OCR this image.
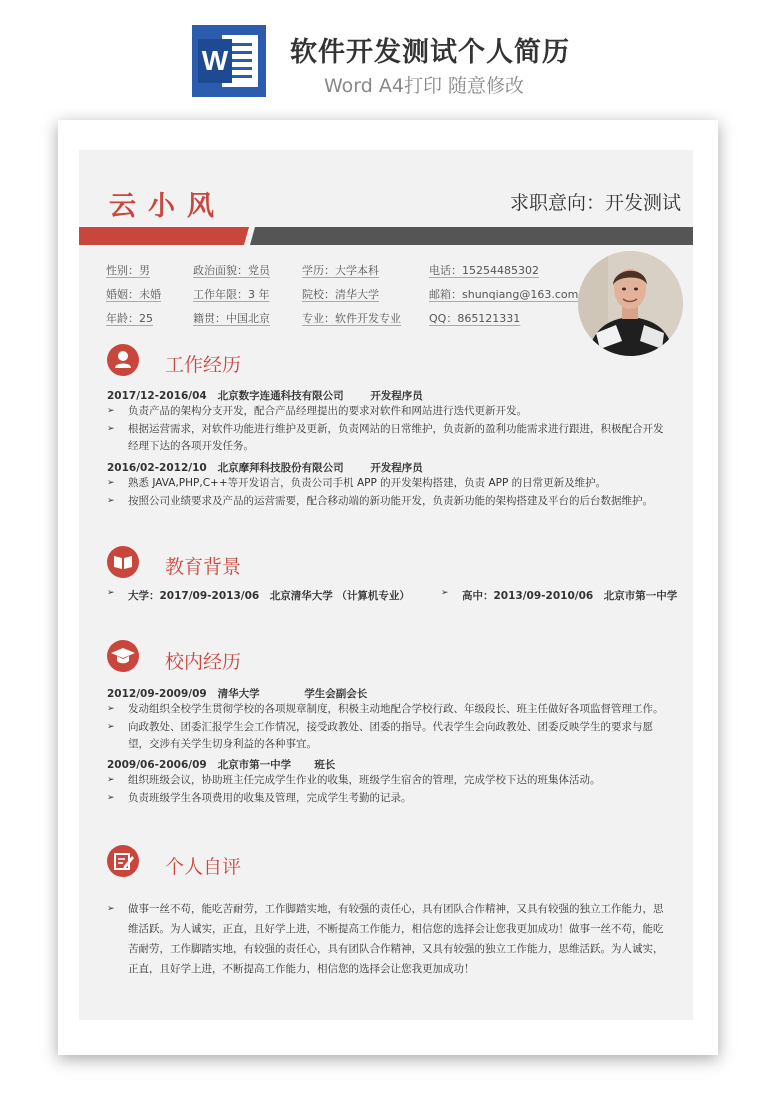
W 软件开发测试个人简历
Word A4打印 随意修改
云小风	求职意向：开发测试
性别：男	政治面貌：党员	学历：大学本科	电话：15254485302
婚姻：未婚	工作年限：3 年	院校：清华大学	邮箱：shunqiang@163.com
年龄：25	籍贯：中国北京	专业：软件开发专业	QQ：865121331
工作经历
2017/12-2016/04 北京数字连通科技有限公司	开发程序员
➢ 负责产品的架构分支开发，配合产品经理提出的要求对软件和网站进行迭代更新开发。
➢ 根据运营需求，对软件功能进行维护及更新，负责网站的日常维护，负责新的盈利功能需求进行跟进，积极配合开发经理下达的各项开发任务。
2016/02-2012/10 北京摩拜科技股份有限公司	开发程序员
➢ 熟悉 JAVA,PHP,C++等开发语言，负责公司手机 APP 的开发架构搭建，负责 APP 的日常更新及维护。
➢ 按照公司业绩要求及产品的运营需要，配合移动端的新功能开发，负责新功能的架构搭建及平台的后台数据维护。
教育背景
➢ 大学：2017/09-2013/06　北京清华大学 （计算机专业）
➢	高中：2013/09-2010/06　北京市第一中学
校内经历
2012/09-2009/09 清华大学	学生会副会长
➢ 发动组织全校学生贯彻学校的各项规章制度，积极主动地配合学校行政、年级段长、班主任做好各项监督管理工作。
➢ 向政教处、团委汇报学生会工作情况，接受政教处、团委的指导。代表学生会向政教处、团委反映学生的要求与愿望，交涉有关学生切身利益的各种事宜。
2009/06-2006/09 北京市第一中学 班长
➢ 组织班级会议，协助班主任完成学生作业的收集，班级学生宿舍的管理，完成学校下达的班集体活动。
➢ 负责班级学生各项费用的收集及管理，完成学生考勤的记录。
个人自评
➢ 做事一丝不苟，能吃苦耐劳，工作脚踏实地，有较强的责任心，具有团队合作精神，又具有较强的独立工作能力，思维活跃。为人诚实，正直，且好学上进，不断提高工作能力，相信您的选择会让您我更加成功！做事一丝不苟，能吃苦耐劳，工作脚踏实地，有较强的责任心，具有团队合作精神，又具有较强的独立工作能力，思维活跃。为人诚实，正直，且好学上进，不断提高工作能力，相信您的选择会让您我更加成功！
